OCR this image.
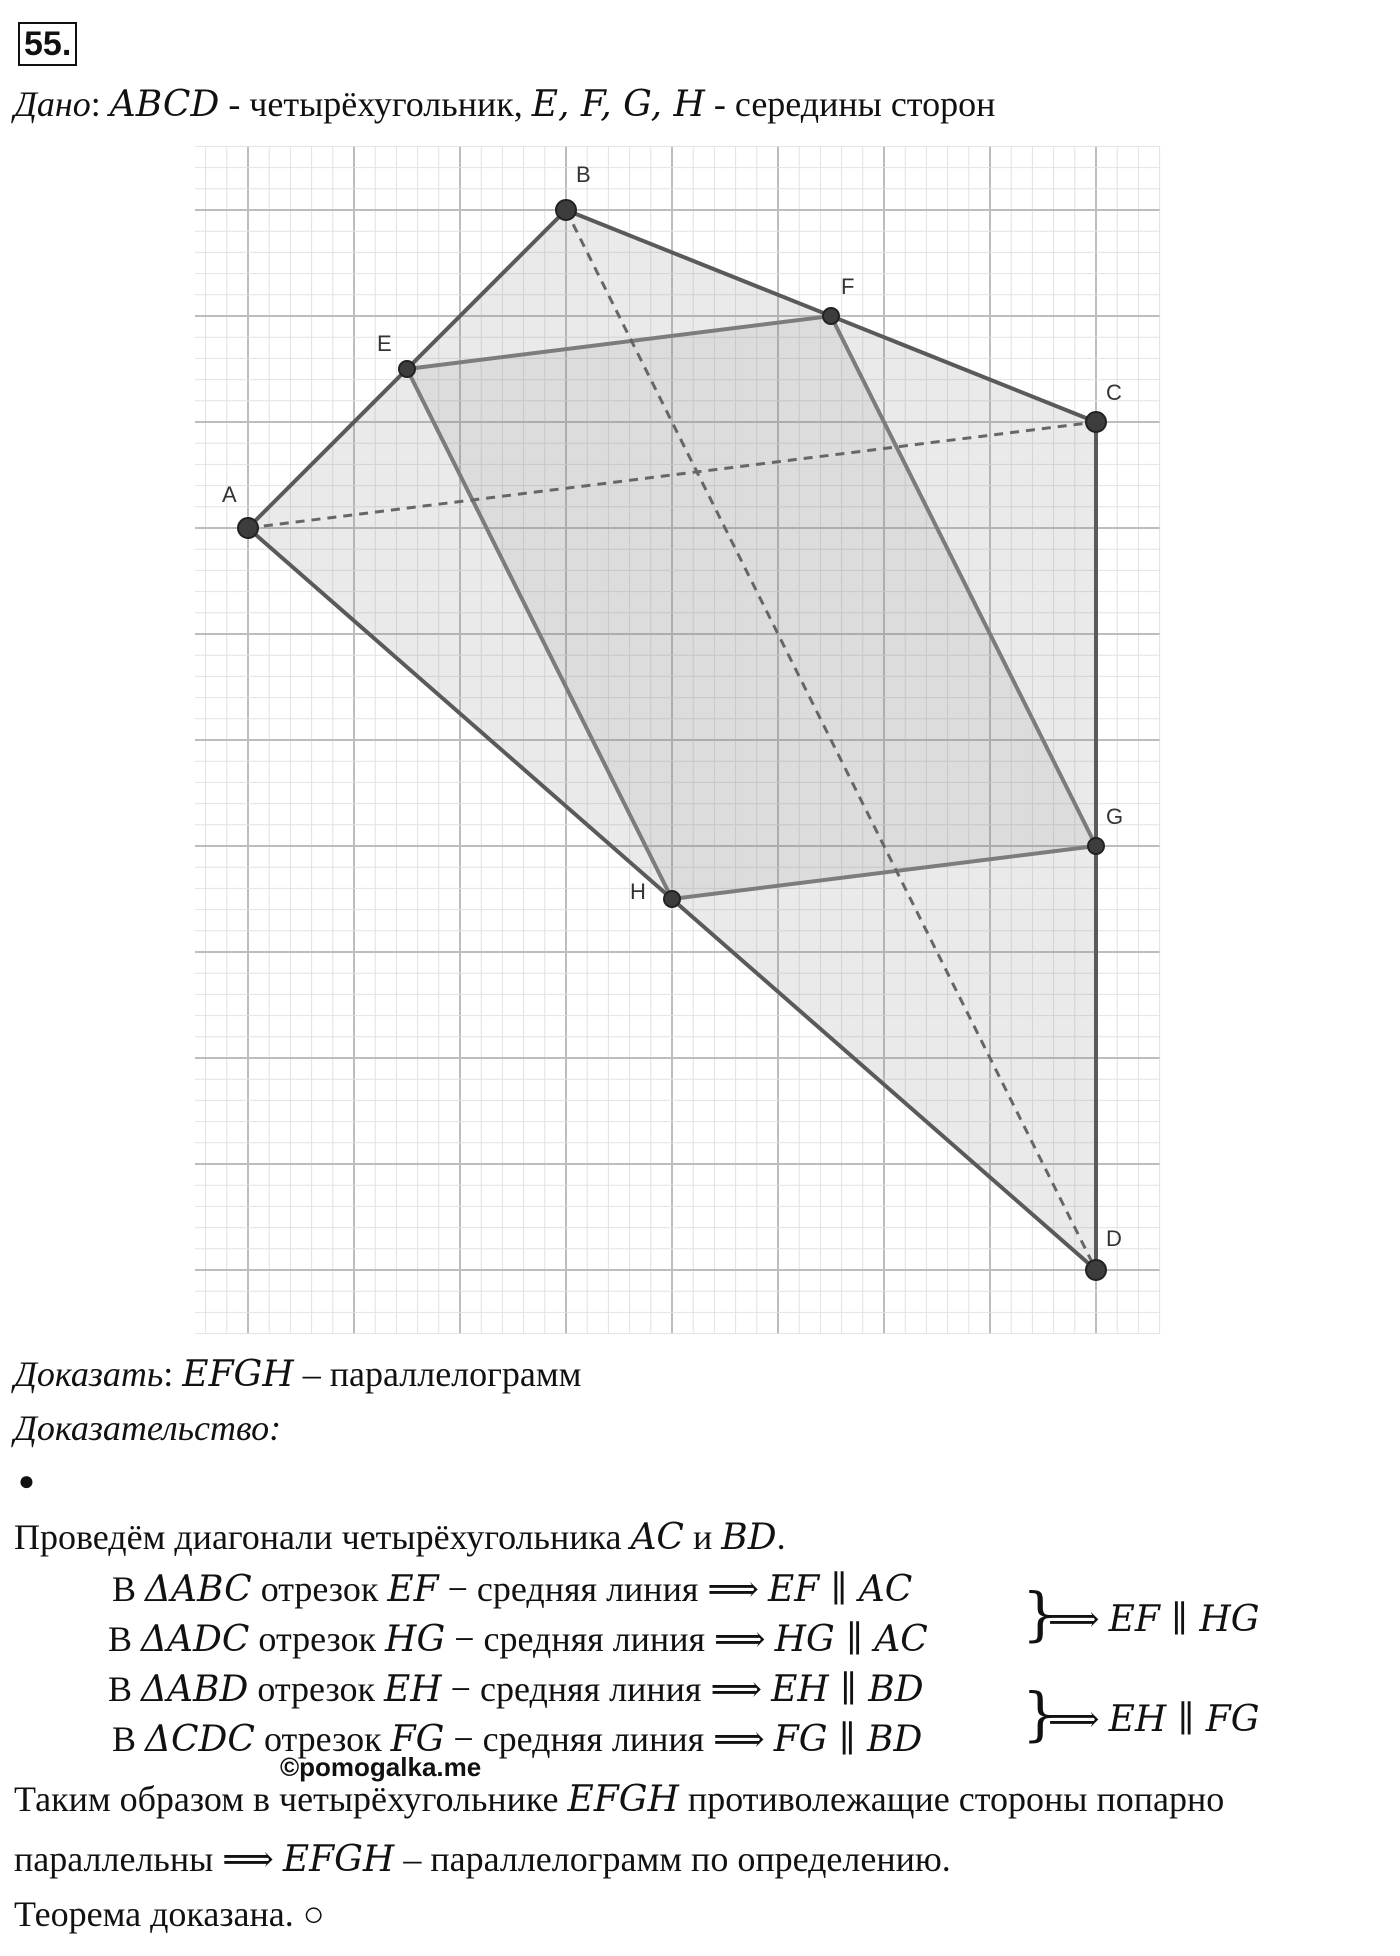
55.
Дано: ABCD - четырёхугольник, E, F, G, H - середины сторон
A
B
C
D
E
F
G
H
Доказать: EFGH – параллелограмм
Доказательство:
●
Проведём диагонали четырёхугольника AC и BD.
В ΔABC отрезок EF − средняя линия ⟹ EF ∥ AC
В ΔADC отрезок HG − средняя линия ⟹ HG ∥ AC }
⟹ EF ∥ HG
В ΔABD отрезок EH − средняя линия ⟹ EH ∥ BD
В ΔCDC отрезок FG − средняя линия ⟹ FG ∥ BD }
⟹ EH ∥ FG
©pomogalka.me
Таким образом в четырёхугольнике EFGH противолежащие стороны попарно
параллельны ⟹ EFGH – параллелограмм по определению.
Теорема доказана. ○
